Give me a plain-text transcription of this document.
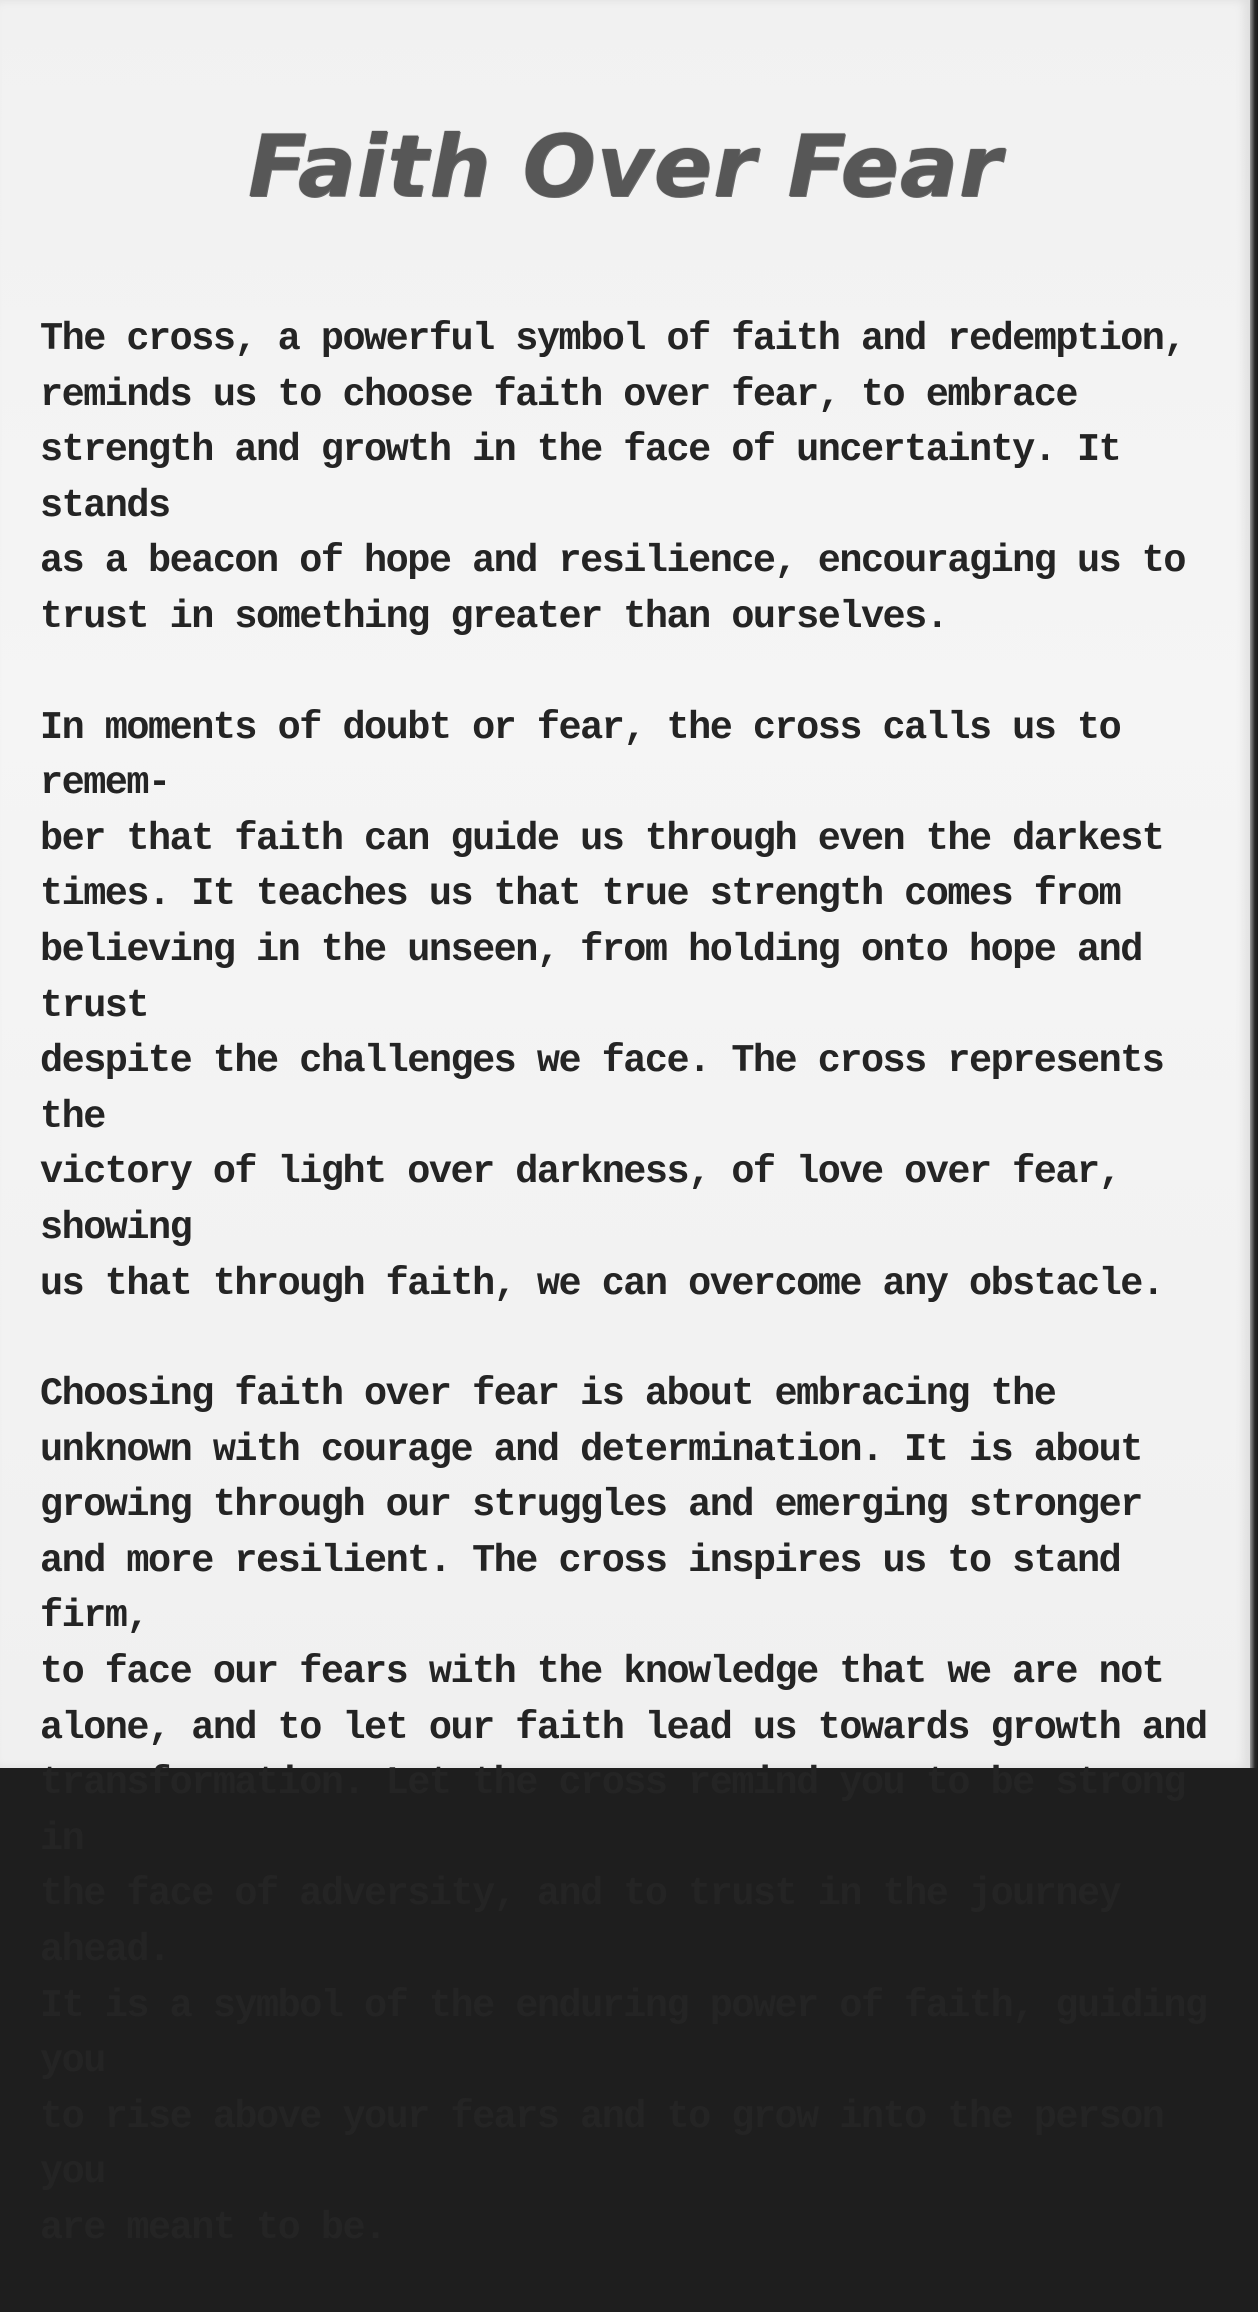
Faith Over Fear

The cross, a powerful symbol of faith and redemption,
reminds us to choose faith over fear, to embrace
strength and growth in the face of uncertainty. It stands
as a beacon of hope and resilience, encouraging us to
trust in something greater than ourselves.

In moments of doubt or fear, the cross calls us to remem-
ber that faith can guide us through even the darkest
times. It teaches us that true strength comes from
believing in the unseen, from holding onto hope and trust
despite the challenges we face. The cross represents the
victory of light over darkness, of love over fear, showing
us that through faith, we can overcome any obstacle.

Choosing faith over fear is about embracing the
unknown with courage and determination. It is about
growing through our struggles and emerging stronger
and more resilient. The cross inspires us to stand firm,
to face our fears with the knowledge that we are not
alone, and to let our faith lead us towards growth and
transformation. Let the cross remind you to be strong in
the face of adversity, and to trust in the journey ahead.
It is a symbol of the enduring power of faith, guiding you
to rise above your fears and to grow into the person you
are meant to be.
